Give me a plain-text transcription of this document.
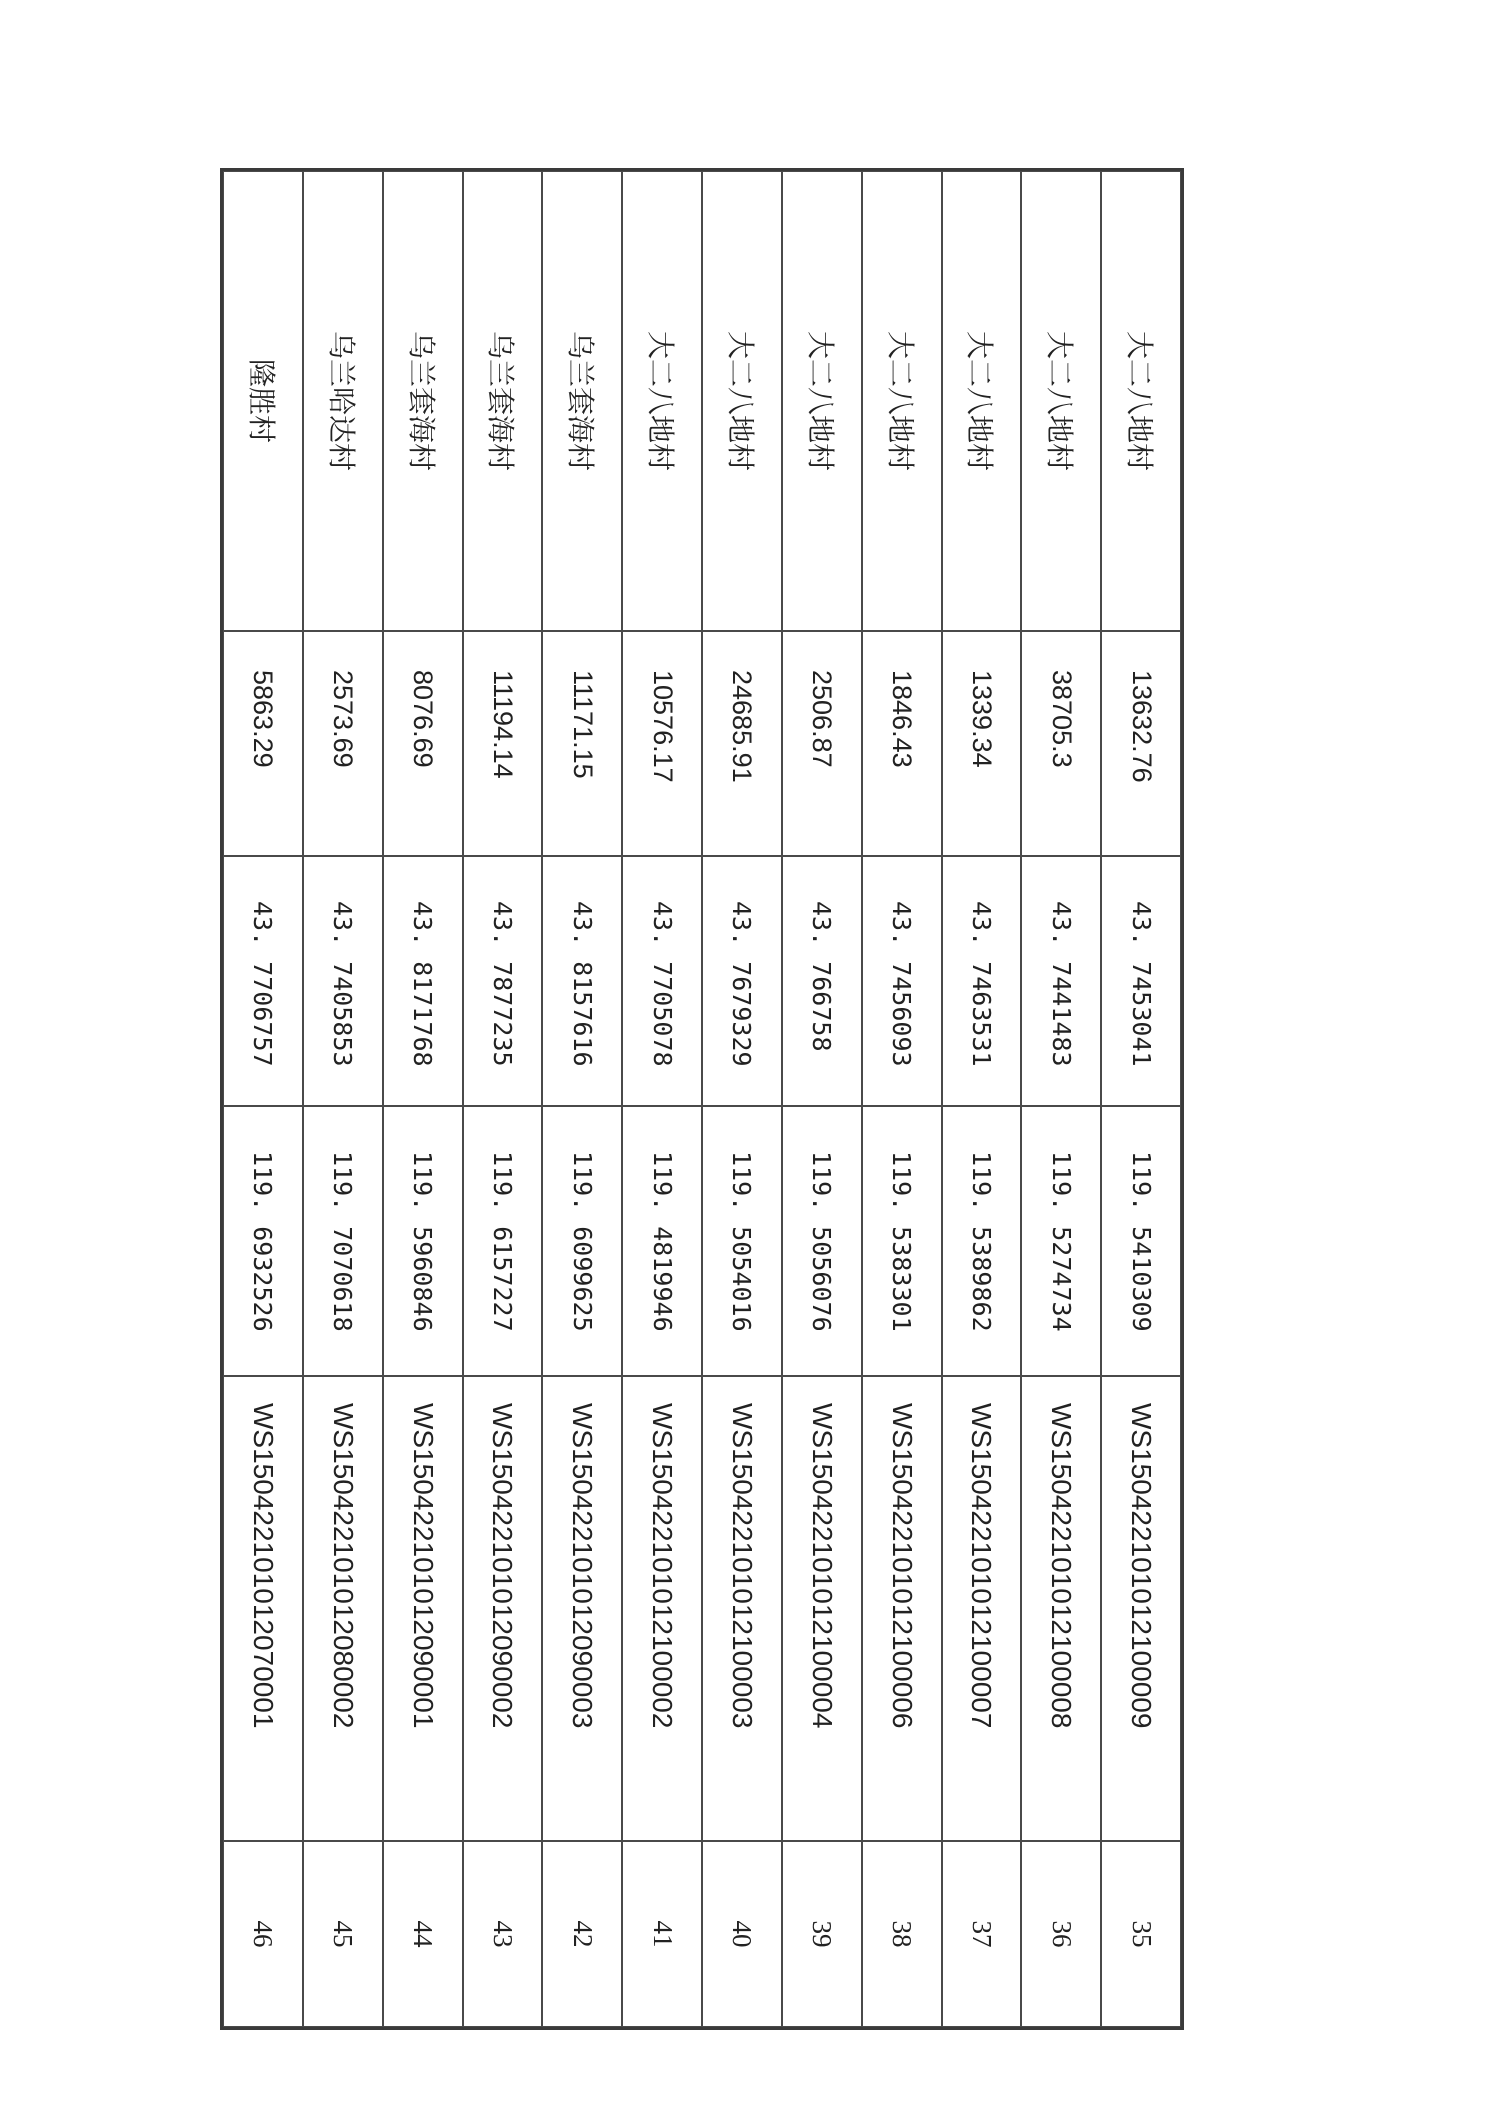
大二八地村	13632.76	43. 7453041	119. 5410309	WS150422101012100009	35
大二八地村	38705.3	43. 7441483	119. 5274734	WS150422101012100008	36
大二八地村	1339.34	43. 7463531	119. 5389862	WS150422101012100007	37
大二八地村	1846.43	43. 7456093	119. 5383301	WS150422101012100006	38
大二八地村	2506.87	43. 766758	119. 5056076	WS150422101012100004	39
大二八地村	24685.91	43. 7679329	119. 5054016	WS150422101012100003	40
大二八地村	10576.17	43. 7705078	119. 4819946	WS150422101012100002	41
乌兰套海村	11171.15	43. 8157616	119. 6099625	WS150422101012090003	42
乌兰套海村	11194.14	43. 7877235	119. 6157227	WS150422101012090002	43
乌兰套海村	8076.69	43. 8171768	119. 5960846	WS150422101012090001	44
乌兰哈达村	2573.69	43. 7405853	119. 7070618	WS150422101012080002	45
隆胜村	5863.29	43. 7706757	119. 6932526	WS150422101012070001	46
